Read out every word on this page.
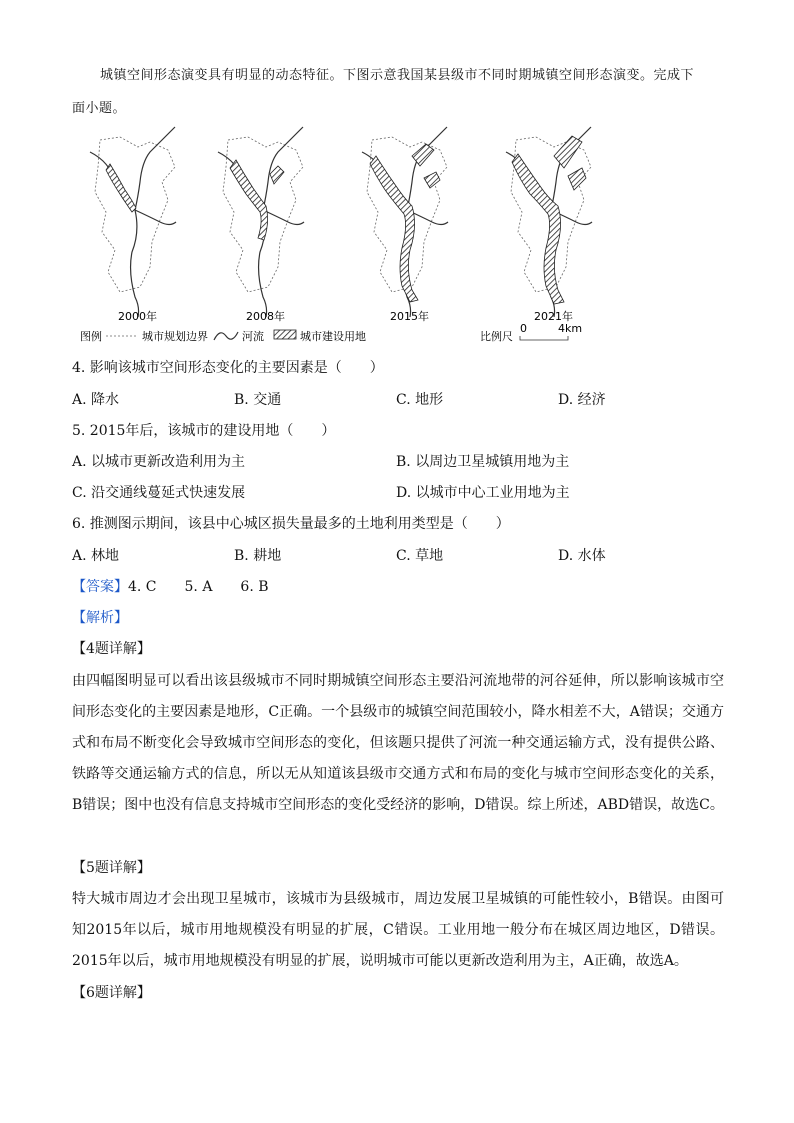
城镇空间形态演变具有明显的动态特征。下图示意我国某县级市不同时期城镇空间形态演变。完成下
面小题。
2000年	2008年	2015年	2021年
图例	城市规划边界	河流	城市建设用地	比例尺
0	4km
4. 影响该城市空间形态变化的主要因素是（　　）
A. 降水	B. 交通	C. 地形	D. 经济
5. 2015年后，该城市的建设用地（　　）
A. 以城市更新改造利用为主	B. 以周边卫星城镇用地为主
C. 沿交通线蔓延式快速发展	D. 以城市中心工业用地为主
6. 推测图示期间，该县中心城区损失量最多的土地利用类型是（　　）
A. 林地	B. 耕地	C. 草地	D. 水体
【答案】4. C　　5. A　　6. B
【解析】
【4题详解】
由四幅图明显可以看出该县级城市不同时期城镇空间形态主要沿河流地带的河谷延伸，所以影响该城市空间形态变化的主要因素是地形，C正确。一个县级市的城镇空间范围较小，降水相差不大，A错误；交通方式和布局不断变化会导致城市空间形态的变化，但该题只提供了河流一种交通运输方式，没有提供公路、铁路等交通运输方式的信息，所以无从知道该县级市交通方式和布局的变化与城市空间形态变化的关系，B错误；图中也没有信息支持城市空间形态的变化受经济的影响，D错误。综上所述，ABD错误，故选C。
【5题详解】
特大城市周边才会出现卫星城市，该城市为县级城市，周边发展卫星城镇的可能性较小，B错误。由图可知2015年以后，城市用地规模没有明显的扩展，C错误。工业用地一般分布在城区周边地区，D错误。2015年以后，城市用地规模没有明显的扩展，说明城市可能以更新改造利用为主，A正确，故选A。
【6题详解】
